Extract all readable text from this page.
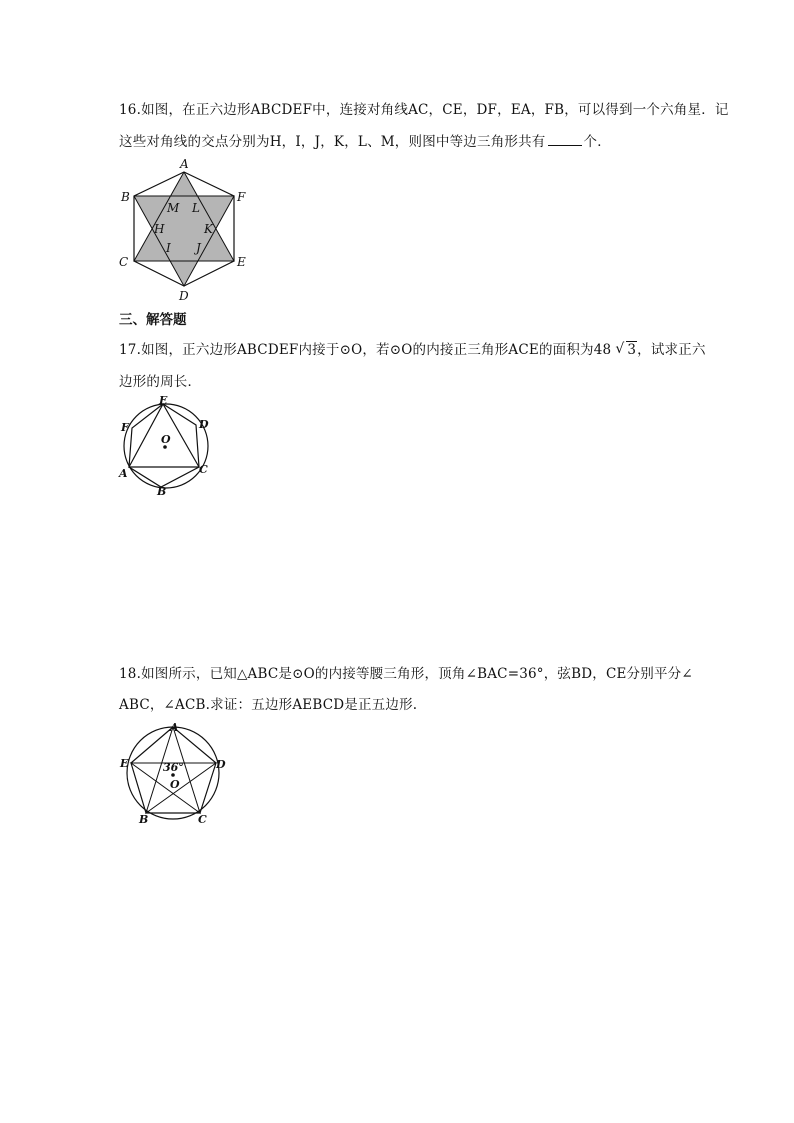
16.如图，在正六边形ABCDEF中，连接对角线AC，CE，DF，EA，FB，可以得到一个六角星．记
这些对角线的交点分别为H，I，J，K，L、M，则图中等边三角形共有	个．
A
B	F
C	E
D
M L
H	K
I J
三、解答题
17.如图，正六边形ABCDEF内接于⊙O，若⊙O的内接正三角形ACE的面积为48 √ 3，试求正六
边形的周长．
E
F	D
O
A	C
B
18.如图所示，已知△ABC是⊙O的内接等腰三角形，顶角∠BAC=36°，弦BD，CE分别平分∠
ABC，∠ACB.求证：五边形AEBCD是正五边形.
A
E	D
36°
O
B	C
